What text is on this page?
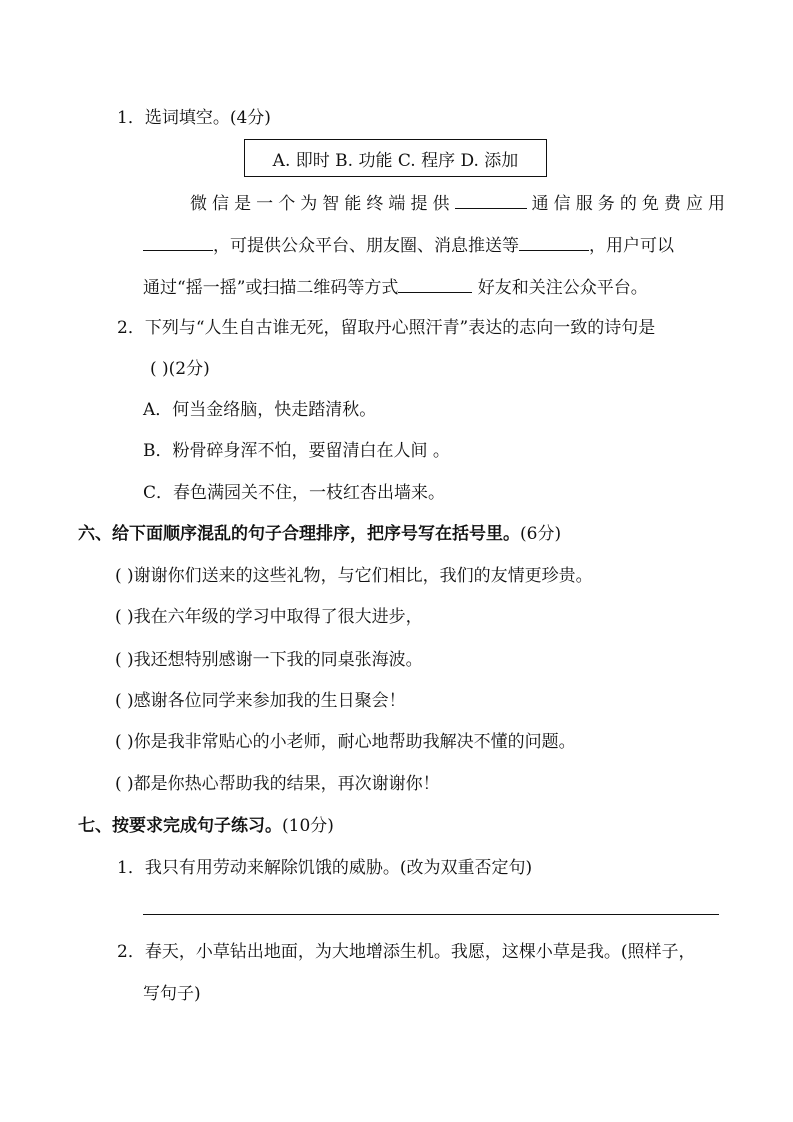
1．选词填空。(4分)
A. 即时 B. 功能 C. 程序 D. 添加
微信是一个为智能终端提供	通信服务的免费应用
，可提供公众平台、朋友圈、消息推送等	，用户可以
通过“摇一摇”或扫描二维码等方式	好友和关注公众平台。
2．下列与“人生自古谁无死，留取丹心照汗青”表达的志向一致的诗句是
( )(2分)
A．何当金络脑，快走踏清秋。
B．粉骨碎身浑不怕，要留清白在人间 。
C．春色满园关不住，一枝红杏出墙来。
六、给下面顺序混乱的句子合理排序，把序号写在括号里。(6分)
( )谢谢你们送来的这些礼物，与它们相比，我们的友情更珍贵。
( )我在六年级的学习中取得了很大进步，
( )我还想特别感谢一下我的同桌张海波。
( )感谢各位同学来参加我的生日聚会！
( )你是我非常贴心的小老师，耐心地帮助我解决不懂的问题。
( )都是你热心帮助我的结果，再次谢谢你！
七、按要求完成句子练习。(10分)
1．我只有用劳动来解除饥饿的威胁。(改为双重否定句)
2．春天，小草钻出地面，为大地增添生机。我愿，这棵小草是我。(照样子，
写句子)
